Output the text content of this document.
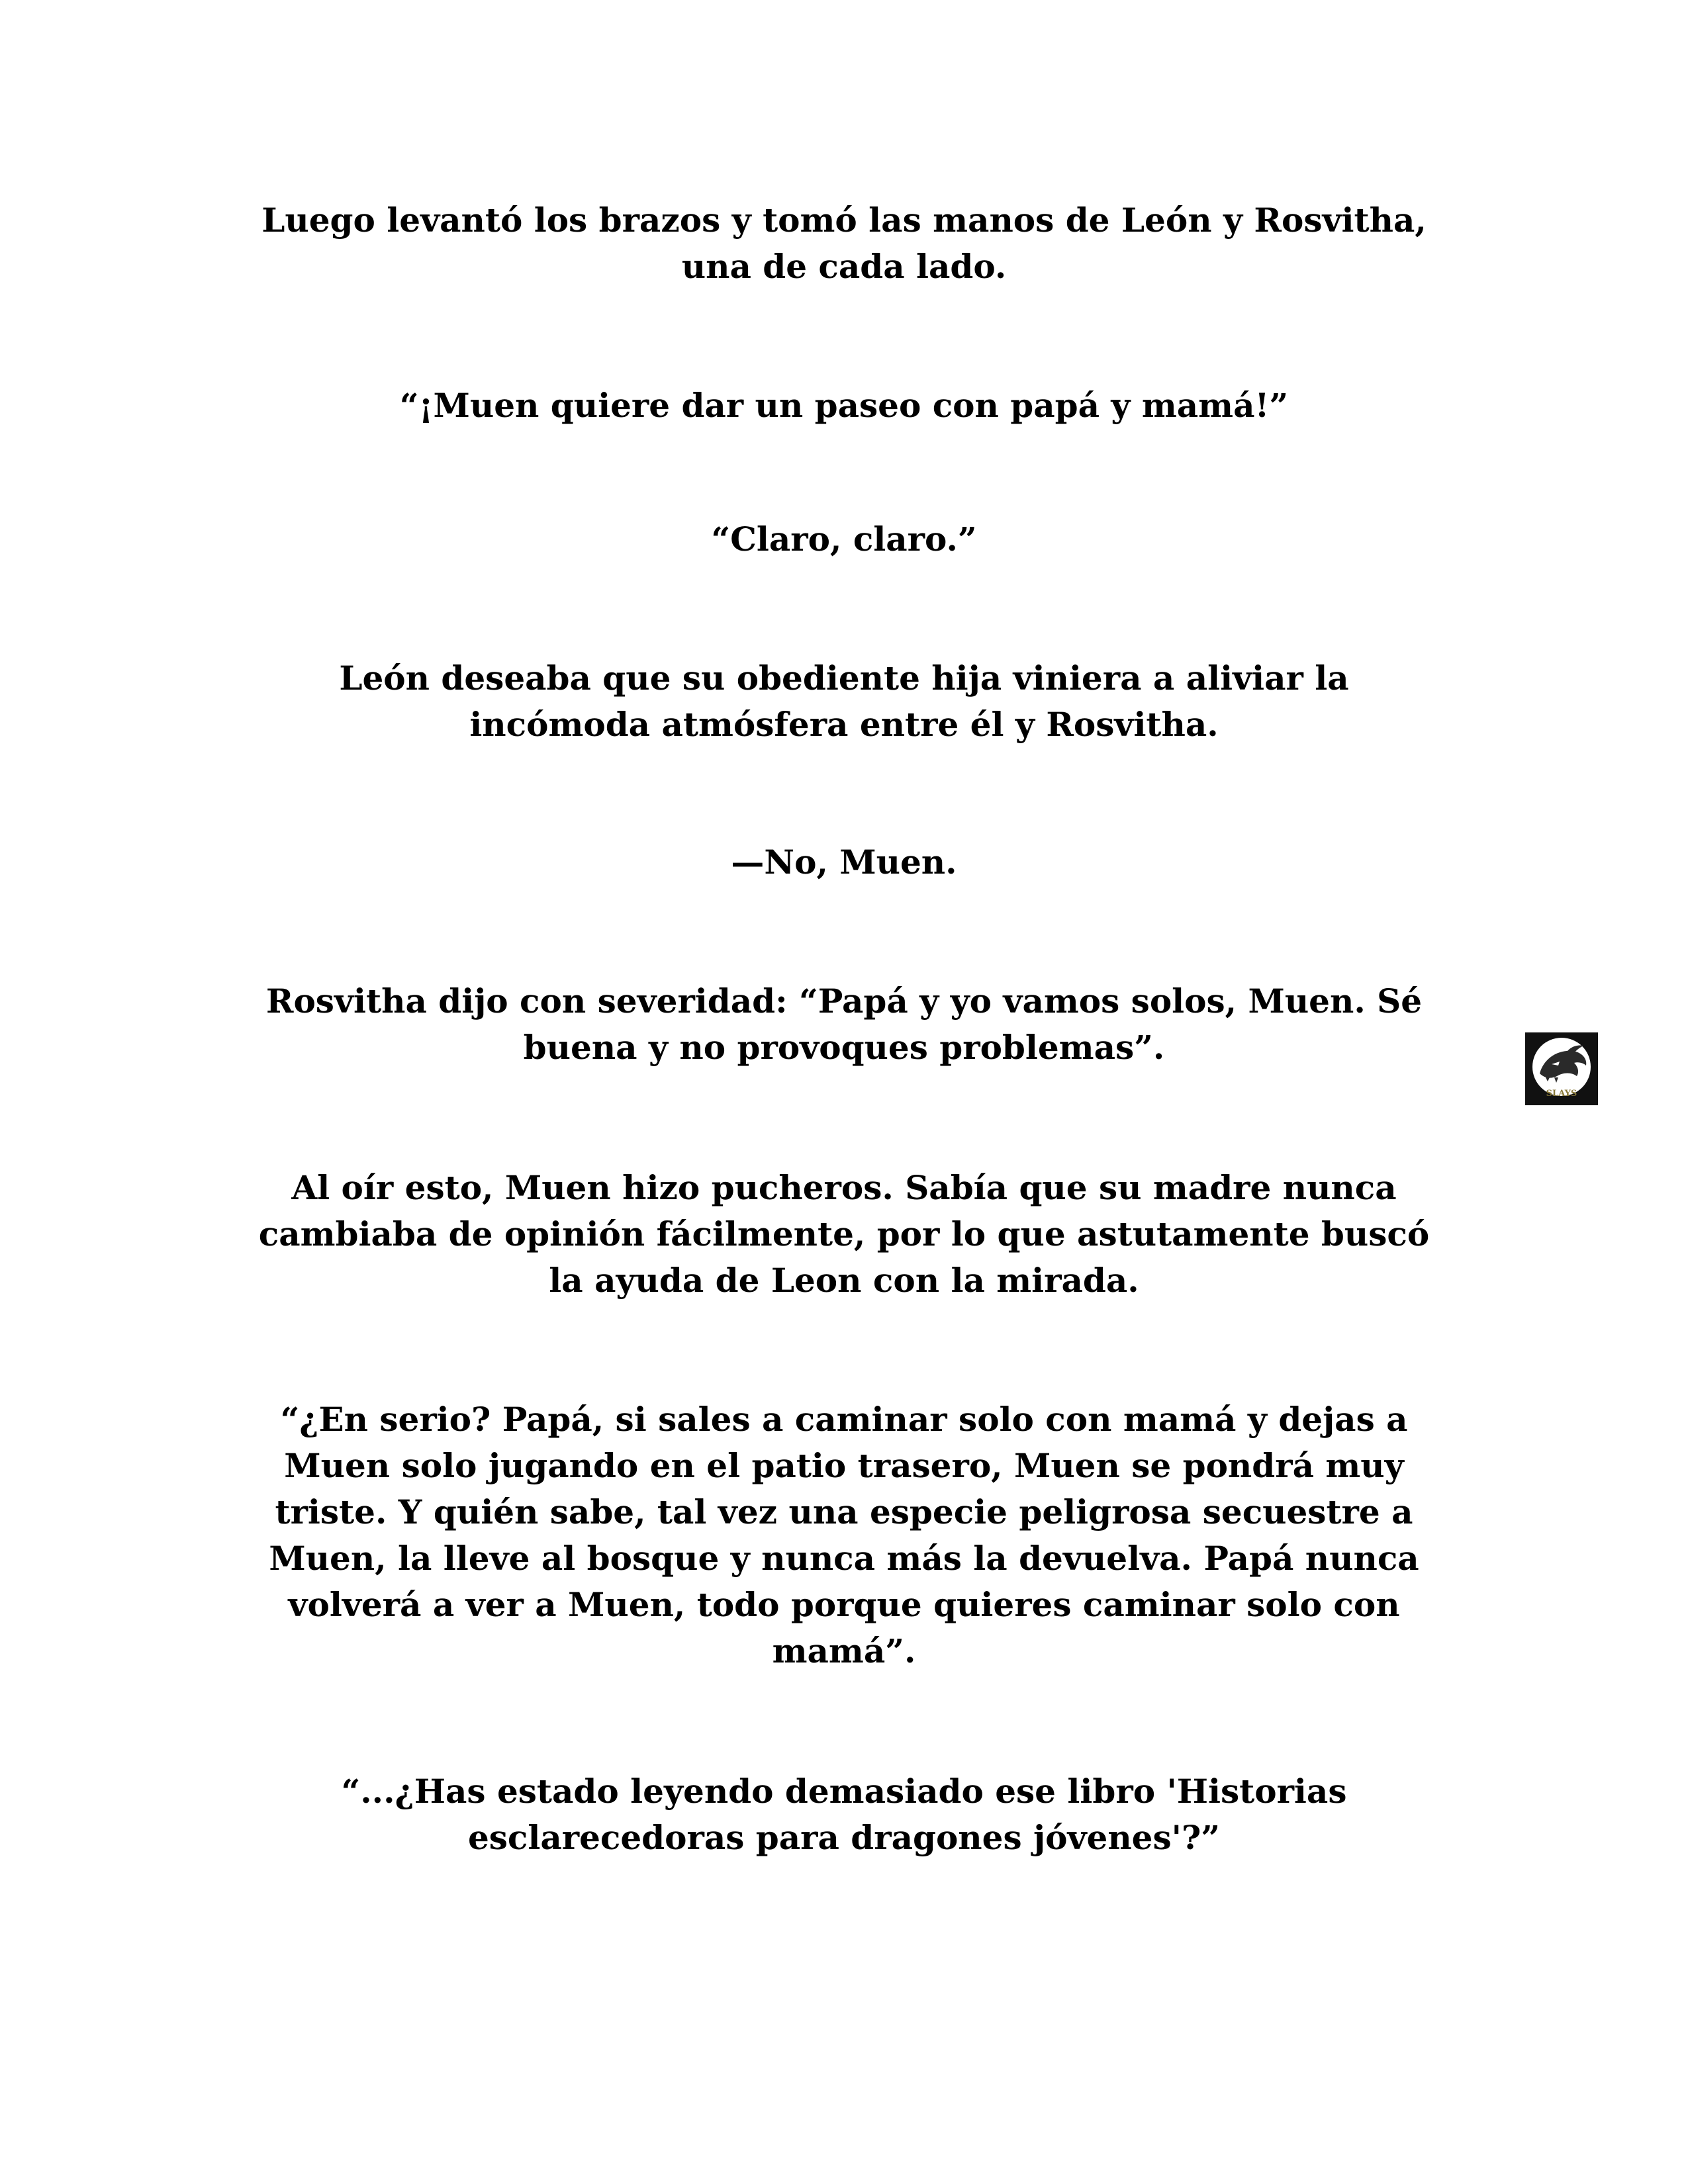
Luego levantó los brazos y tomó las manos de León y Rosvitha,
una de cada lado.
“¡Muen quiere dar un paseo con papá y mamá!”
“Claro, claro.”
León deseaba que su obediente hija viniera a aliviar la
incómoda atmósfera entre él y Rosvitha.
—No, Muen.
Rosvitha dijo con severidad: “Papá y yo vamos solos, Muen. Sé
buena y no provoques problemas”.
Al oír esto, Muen hizo pucheros. Sabía que su madre nunca
cambiaba de opinión fácilmente, por lo que astutamente buscó
la ayuda de Leon con la mirada.
“¿En serio? Papá, si sales a caminar solo con mamá y dejas a
Muen solo jugando en el patio trasero, Muen se pondrá muy
triste. Y quién sabe, tal vez una especie peligrosa secuestre a
Muen, la lleve al bosque y nunca más la devuelva. Papá nunca
volverá a ver a Muen, todo porque quieres caminar solo con
mamá”.
“...¿Has estado leyendo demasiado ese libro 'Historias
esclarecedoras para dragones jóvenes'?”
SLAYS
